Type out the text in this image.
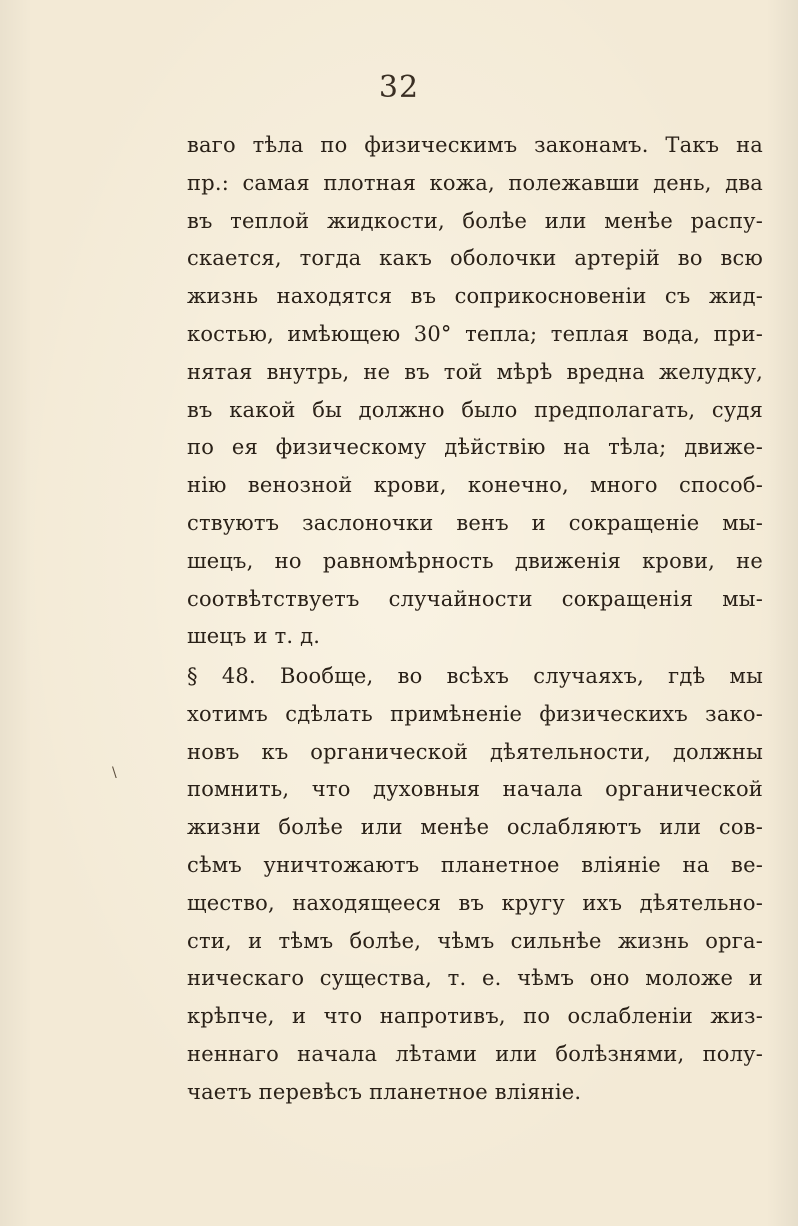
32
ваго тѣла по физическимъ законамъ. Такъ на
пр.: самая плотная кожа, полежавши день, два
въ теплой жидкости, болѣе или менѣе распу-
скается, тогда какъ оболочки артерій во всю
жизнь находятся въ соприкосновеніи съ жид-
костью, имѣющею 30° тепла; теплая вода, при-
нятая внутрь, не въ той мѣрѣ вредна желудку,
въ какой бы должно было предполагать, судя
по ея физическому дѣйствію на тѣла; движе-
нію венозной крови, конечно, много способ-
ствуютъ заслоночки венъ и сокращеніе мы-
шецъ, но равномѣрность движенія крови, не
соотвѣтствуетъ случайности сокращенія мы-
шецъ и т. д.
§ 48. Вообще, во всѣхъ случаяхъ, гдѣ мы
хотимъ сдѣлать примѣненіе физическихъ зако-
новъ къ органической дѣятельности, должны
помнить, что духовныя начала органической
жизни болѣе или менѣе ослабляютъ или сов-
сѣмъ уничтожаютъ планетное вліяніе на ве-
щество, находящееся въ кругу ихъ дѣятельно-
сти, и тѣмъ болѣе, чѣмъ сильнѣе жизнь орга-
ническаго существа, т. е. чѣмъ оно моложе и
крѣпче, и что напротивъ, по ослабленіи жиз-
неннаго начала лѣтами или болѣзнями, полу-
чаетъ перевѣсъ планетное вліяніе.
\
